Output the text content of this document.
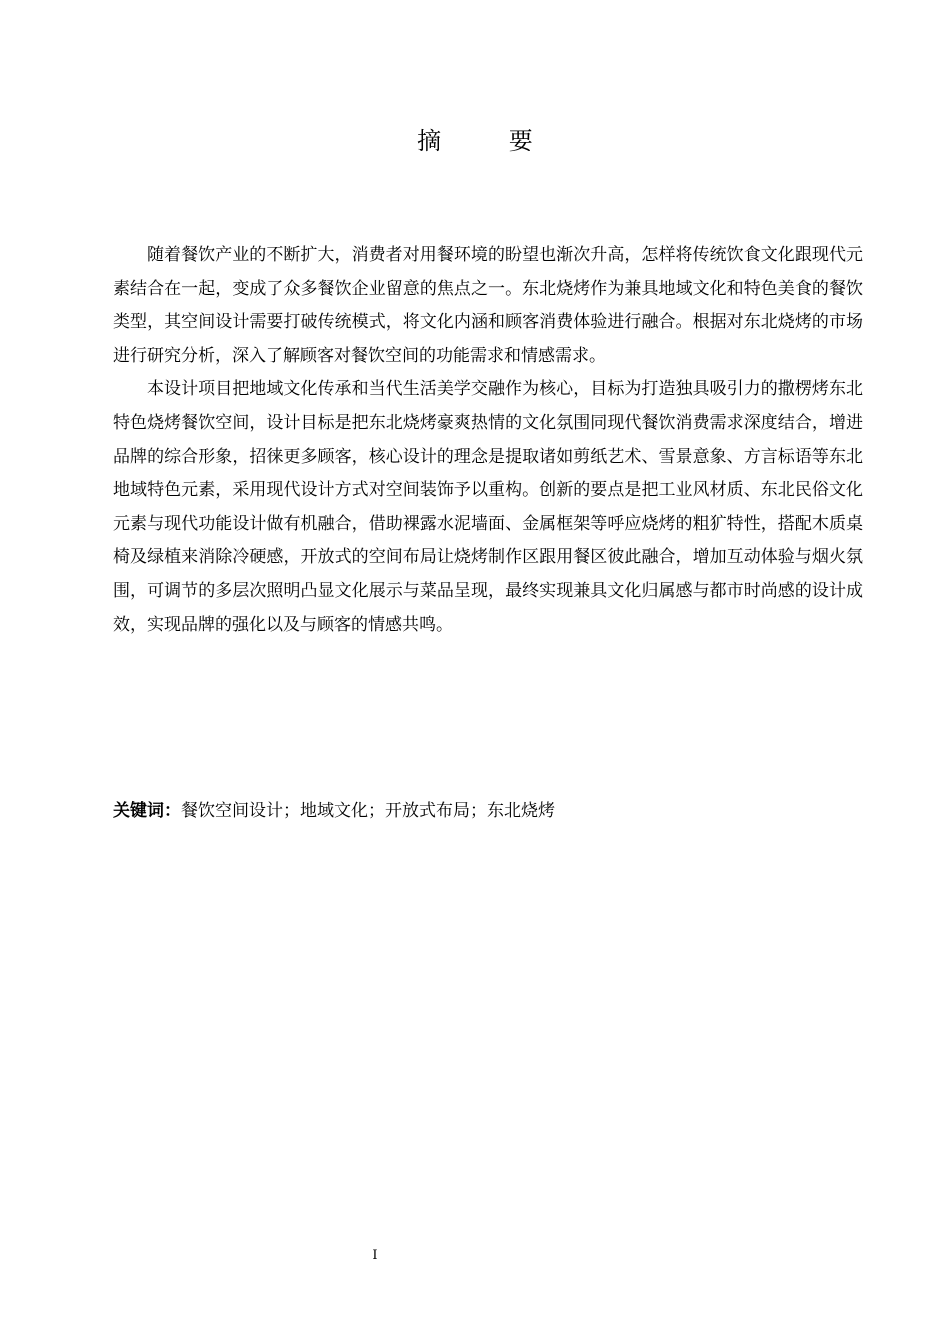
摘 要

随着餐饮产业的不断扩大，消费者对用餐环境的盼望也渐次升高，怎样将传统饮食文化跟现代元素结合在一起，变成了众多餐饮企业留意的焦点之一。东北烧烤作为兼具地域文化和特色美食的餐饮类型，其空间设计需要打破传统模式，将文化内涵和顾客消费体验进行融合。根据对东北烧烤的市场进行研究分析，深入了解顾客对餐饮空间的功能需求和情感需求。

本设计项目把地域文化传承和当代生活美学交融作为核心，目标为打造独具吸引力的撒楞烤东北特色烧烤餐饮空间，设计目标是把东北烧烤豪爽热情的文化氛围同现代餐饮消费需求深度结合，增进品牌的综合形象，招徕更多顾客，核心设计的理念是提取诸如剪纸艺术、雪景意象、方言标语等东北地域特色元素，采用现代设计方式对空间装饰予以重构。创新的要点是把工业风材质、东北民俗文化元素与现代功能设计做有机融合，借助裸露水泥墙面、金属框架等呼应烧烤的粗犷特性，搭配木质桌椅及绿植来消除冷硬感，开放式的空间布局让烧烤制作区跟用餐区彼此融合，增加互动体验与烟火氛围，可调节的多层次照明凸显文化展示与菜品呈现，最终实现兼具文化归属感与都市时尚感的设计成效，实现品牌的强化以及与顾客的情感共鸣。

关键词：餐饮空间设计；地域文化；开放式布局；东北烧烤

I
